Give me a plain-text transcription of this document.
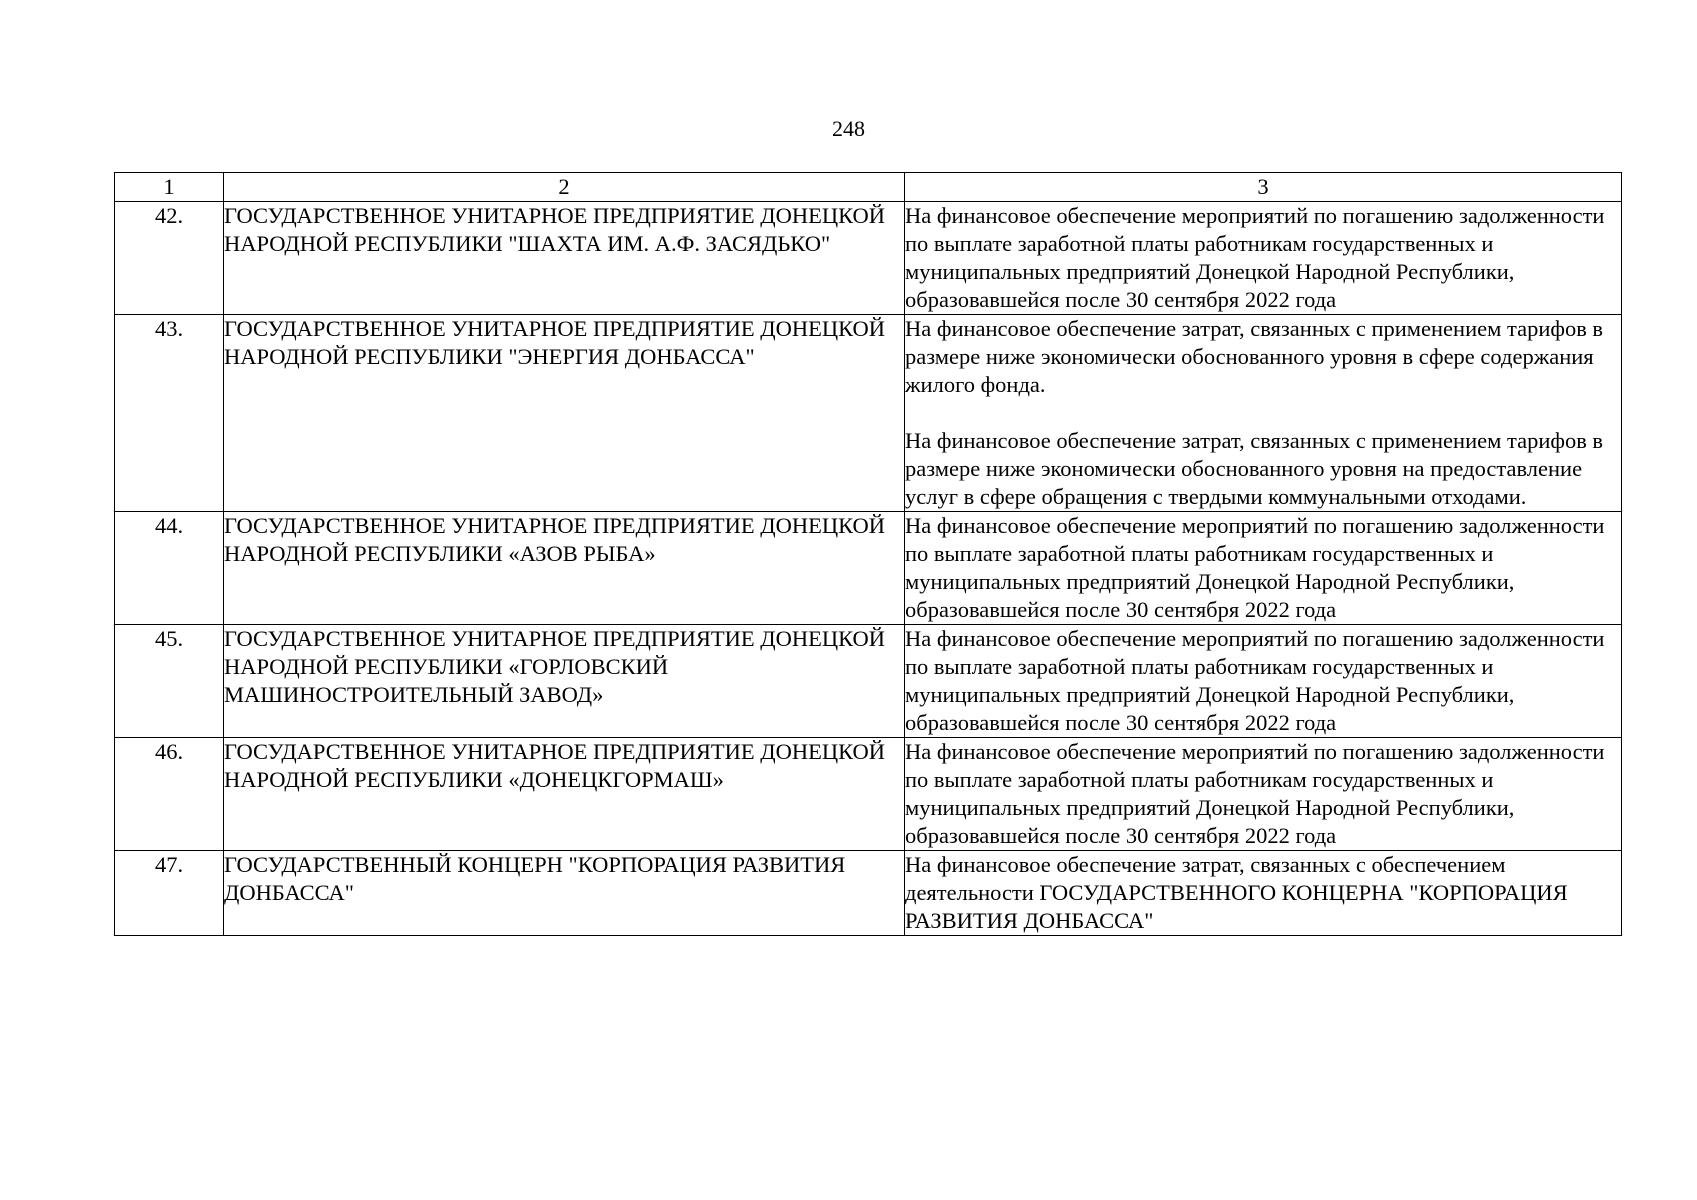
248
1	2	3
42.	ГОСУДАРСТВЕННОЕ УНИТАРНОЕ ПРЕДПРИЯТИЕ ДОНЕЦКОЙ НАРОДНОЙ РЕСПУБЛИКИ "ШАХТА ИМ. А.Ф. ЗАСЯДЬКО"	На финансовое обеспечение мероприятий по погашению задолженности по выплате заработной платы работникам государственных и муниципальных предприятий Донецкой Народной Республики, образовавшейся после 30 сентября 2022 года

43.	ГОСУДАРСТВЕННОЕ УНИТАРНОЕ ПРЕДПРИЯТИЕ ДОНЕЦКОЙ НАРОДНОЙ РЕСПУБЛИКИ "ЭНЕРГИЯ ДОНБАССА"	На финансовое обеспечение затрат, связанных с применением тарифов в размере ниже экономически обоснованного уровня в сфере содержания жилого фонда.
На финансовое обеспечение затрат, связанных с применением тарифов в размере ниже экономически обоснованного уровня на предоставление услуг в сфере обращения с твердыми коммунальными отходами.

44.	ГОСУДАРСТВЕННОЕ УНИТАРНОЕ ПРЕДПРИЯТИЕ ДОНЕЦКОЙ НАРОДНОЙ РЕСПУБЛИКИ «АЗОВ РЫБА»	На финансовое обеспечение мероприятий по погашению задолженности по выплате заработной платы работникам государственных и муниципальных предприятий Донецкой Народной Республики, образовавшейся после 30 сентября 2022 года

45.	ГОСУДАРСТВЕННОЕ УНИТАРНОЕ ПРЕДПРИЯТИЕ ДОНЕЦКОЙ НАРОДНОЙ РЕСПУБЛИКИ «ГОРЛОВСКИЙ МАШИНОСТРОИТЕЛЬНЫЙ ЗАВОД»	На финансовое обеспечение мероприятий по погашению задолженности по выплате заработной платы работникам государственных и муниципальных предприятий Донецкой Народной Республики, образовавшейся после 30 сентября 2022 года

46.	ГОСУДАРСТВЕННОЕ УНИТАРНОЕ ПРЕДПРИЯТИЕ ДОНЕЦКОЙ НАРОДНОЙ РЕСПУБЛИКИ «ДОНЕЦКГОРМАШ»	На финансовое обеспечение мероприятий по погашению задолженности по выплате заработной платы работникам государственных и муниципальных предприятий Донецкой Народной Республики, образовавшейся после 30 сентября 2022 года

47.	ГОСУДАРСТВЕННЫЙ КОНЦЕРН "КОРПОРАЦИЯ РАЗВИТИЯ ДОНБАССА"	На финансовое обеспечение затрат, связанных с обеспечением деятельности ГОСУДАРСТВЕННОГО КОНЦЕРНА "КОРПОРАЦИЯ РАЗВИТИЯ ДОНБАССА"
